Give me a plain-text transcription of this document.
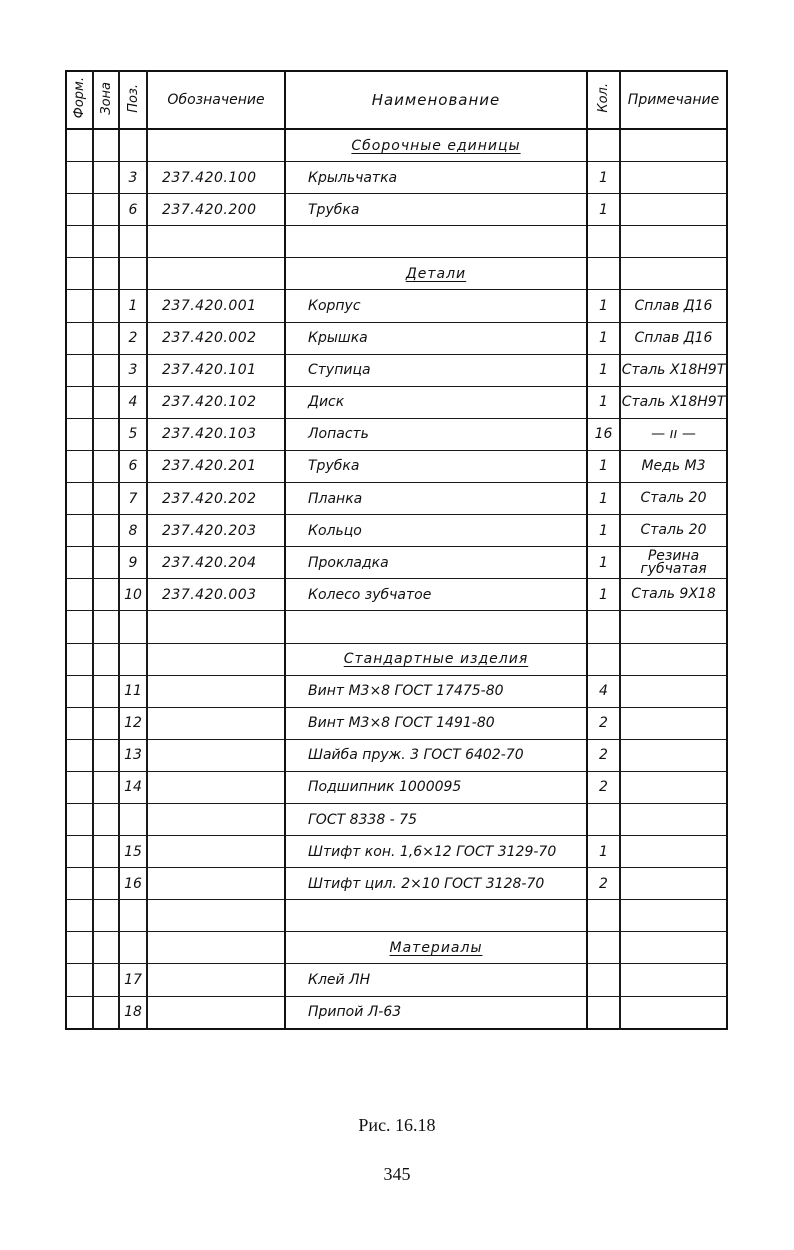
Форм.	Зона	Поз.	Обозначение	Наименование	Кол.	Примечание
				Сборочные единицы		
		3	237.420.100	Крыльчатка	1	
		6	237.420.200	Трубка	1	

				Детали		
		1	237.420.001	Корпус	1	Сплав Д16
		2	237.420.002	Крышка	1	Сплав Д16
		3	237.420.101	Ступица	1	Сталь Х18Н9Т
		4	237.420.102	Диск	1	Сталь Х18Н9Т
		5	237.420.103	Лопасть	16	— ıı —
		6	237.420.201	Трубка	1	Медь М3
		7	237.420.202	Планка	1	Сталь 20
		8	237.420.203	Кольцо	1	Сталь 20
		9	237.420.204	Прокладка	1	Резина губчатая
		10	237.420.003	Колесо зубчатое	1	Сталь 9Х18

				Стандартные изделия		
		11		Винт М3×8 ГОСТ 17475-80	4	
		12		Винт М3×8 ГОСТ 1491-80	2	
		13		Шайба пруж. 3 ГОСТ 6402-70	2	
		14		Подшипник 1000095	2	
				ГОСТ 8338 - 75		
		15		Штифт кон. 1,6×12 ГОСТ 3129-70	1	
		16		Штифт цил. 2×10 ГОСТ 3128-70	2	

				Материалы		
		17		Клей ЛН		
		18		Припой Л-63		
Рис. 16.18
345
